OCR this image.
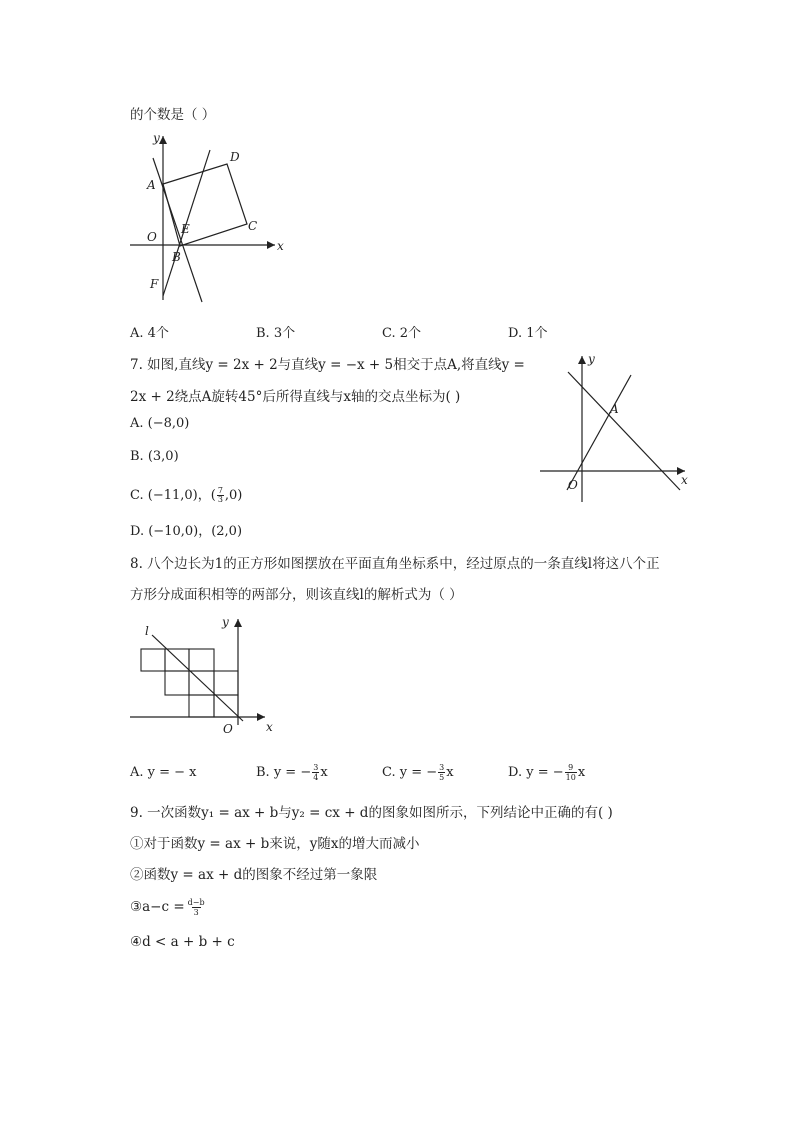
的个数是（ ）
y
x
A
D
C
O
E
B
F
A. 4个	B. 3个	C. 2个	D. 1个
7. 如图,直线y = 2x + 2与直线y = −x + 5相交于点A,将直线y =
2x + 2绕点A旋转45°后所得直线与x轴的交点坐标为( )
A. (−8,0)
B. (3,0)
C. (−11,0)，( $\frac{7}{3} ,0$)
D. (−10,0)，(2,0)
y
x
A
O
8. 八个边长为1的正方形如图摆放在平面直角坐标系中，经过原点的一条直线l将这八个正
方形分成面积相等的两部分，则该直线l的解析式为（ ）
l
y
x
O
A. y = − x	B. y = − $\frac{3}{4}$ x	C. y = − $\frac{3}{5}$ x	D. y = − $\frac{9}{10}$ x
9. 一次函数y₁ = ax + b与y₂ = cx + d的图象如图所示，下列结论中正确的有( )
①对于函数y = ax + b来说，y随x的增大而减小
②函数y = ax + d的图象不经过第一象限
③a−c = $\frac{d-b}{3}$
④d < a + b + c
